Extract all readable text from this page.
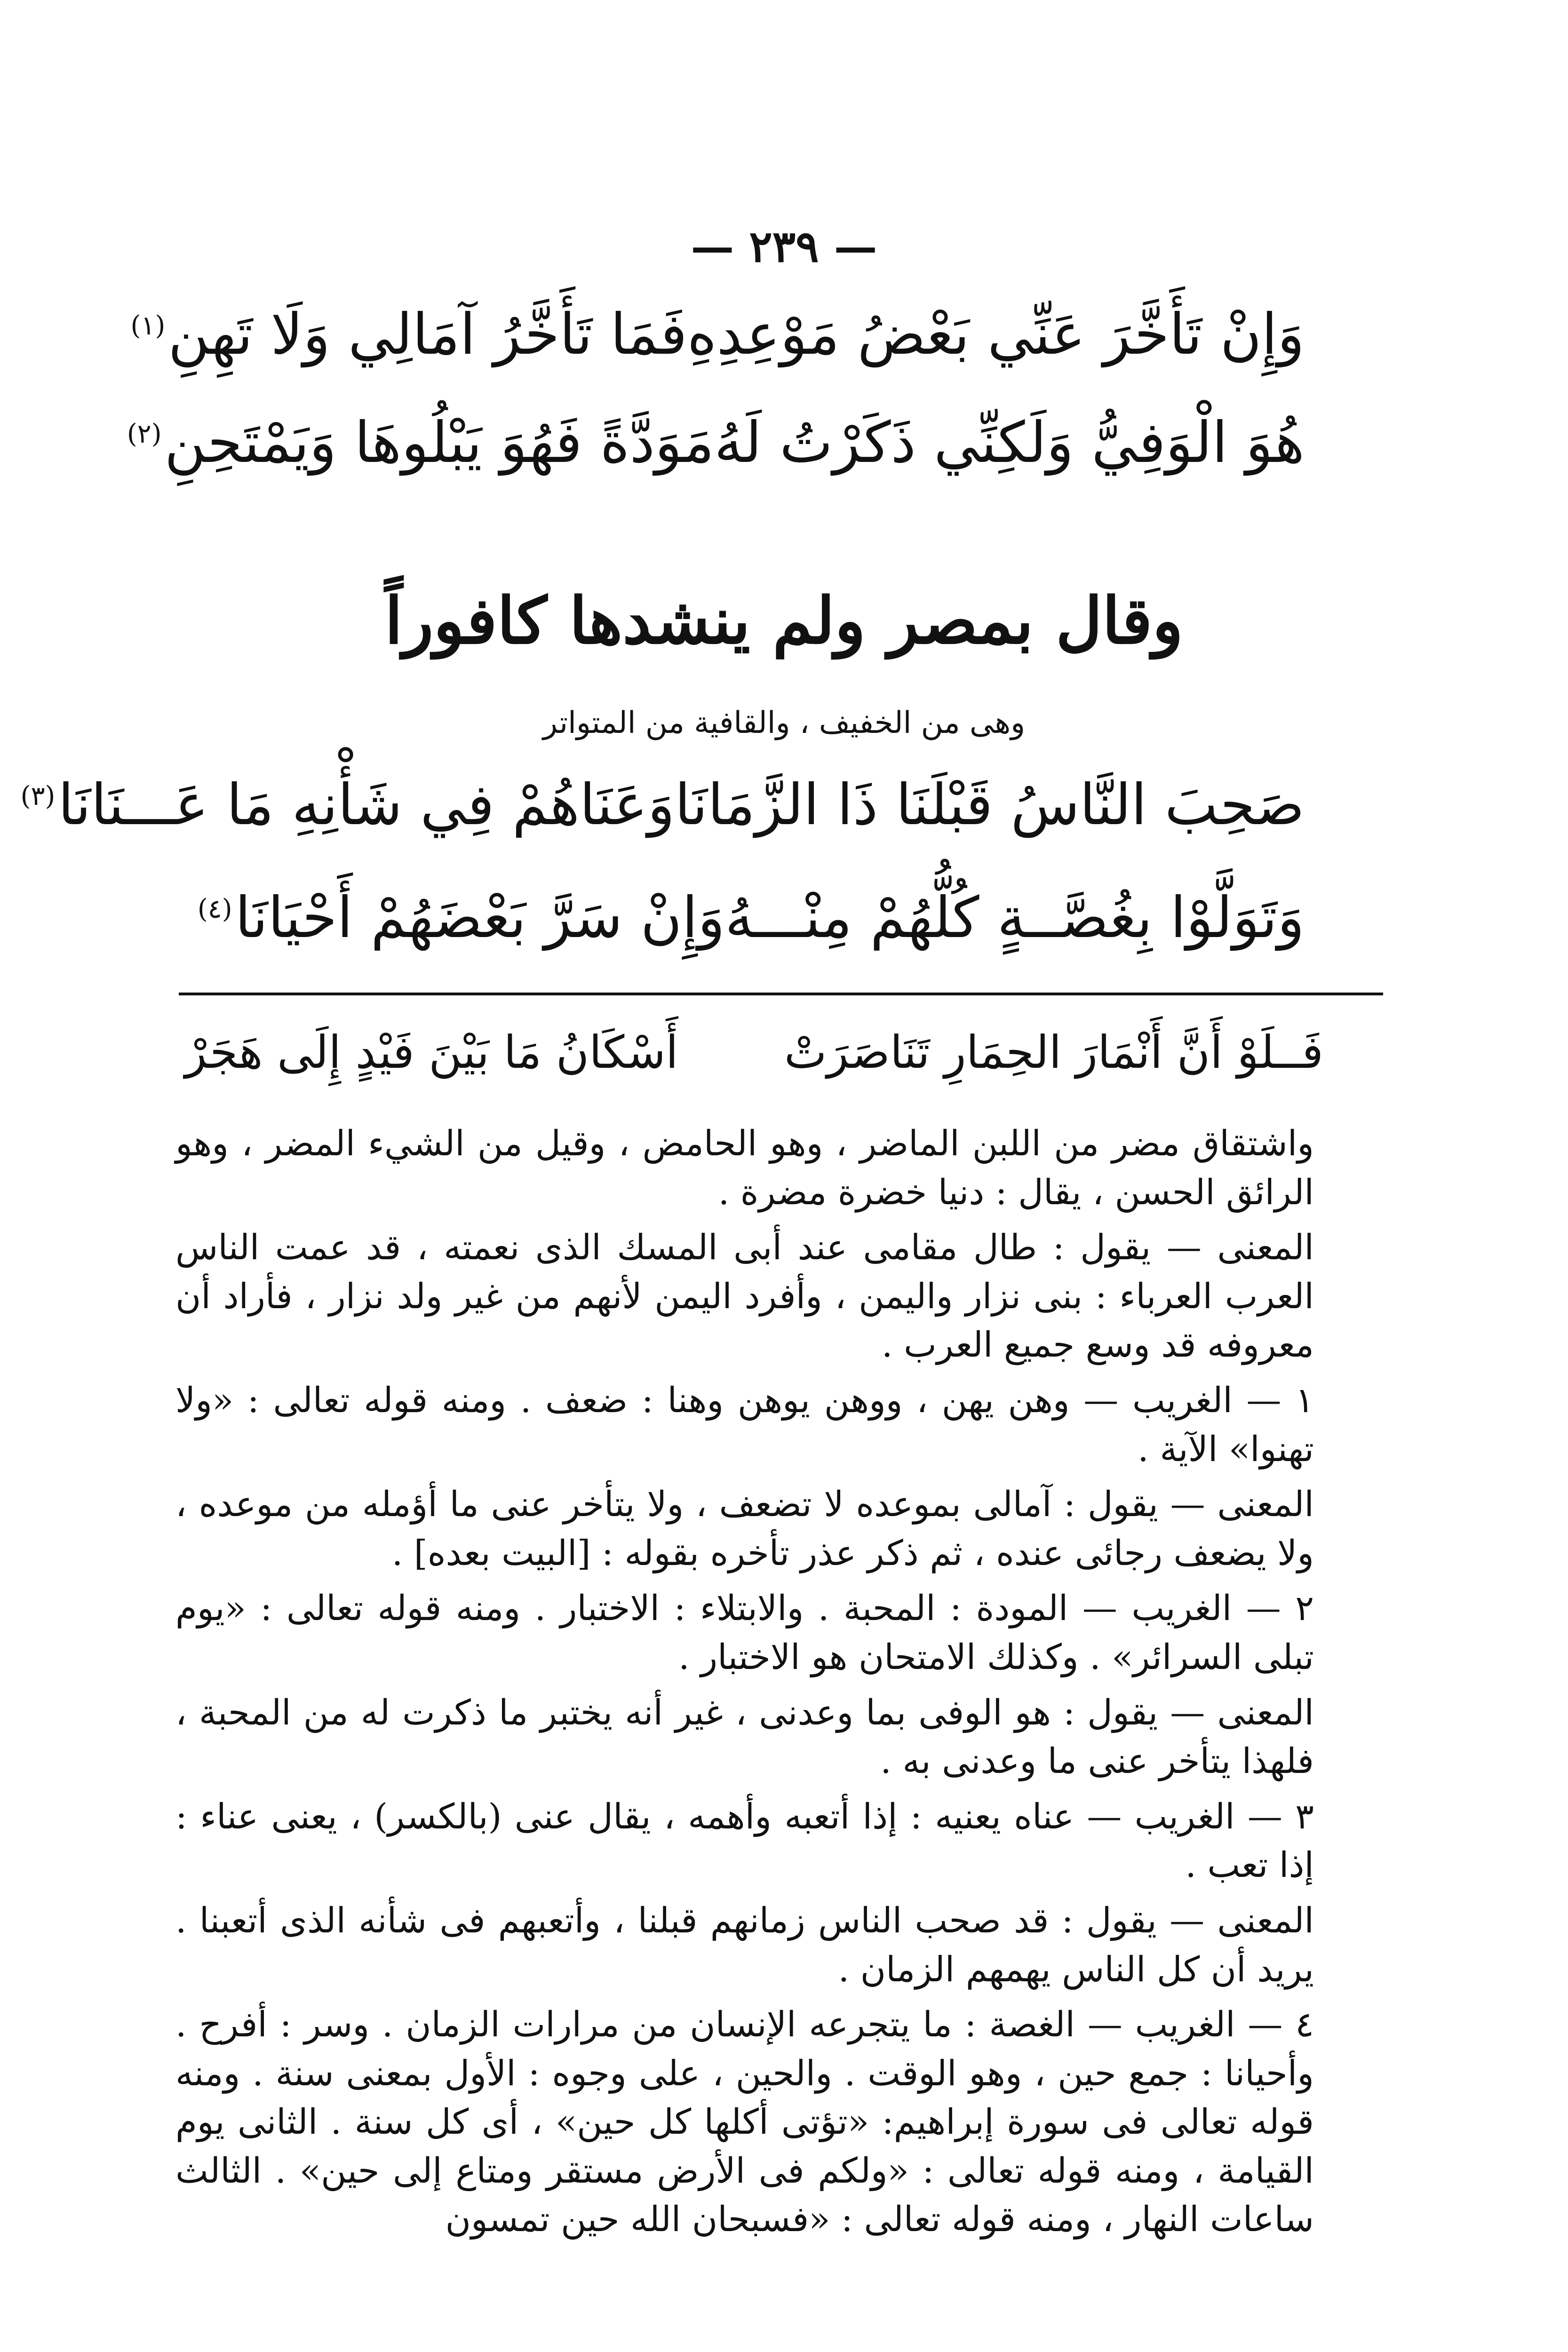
— ٢٣٩ —
وَإِنْ تَأَخَّرَ عَنِّي بَعْضُ مَوْعِدِهِ
فَمَا تَأَخَّرُ آمَالِي وَلَا تَهِنِ$^{(١)}$
هُوَ الْوَفِيُّ وَلَكِنِّي ذَكَرْتُ لَهُ
مَوَدَّةً فَهُوَ يَبْلُوهَا وَيَمْتَحِنِ$^{(٢)}$
وقال بمصر ولم ينشدها كافوراً
وهى من الخفيف ، والقافية من المتواتر
صَحِبَ النَّاسُ قَبْلَنَا ذَا الزَّمَانَا
وَعَنَاهُمْ فِي شَأْنِهِ مَا عَـــنَانَا$^{(٣)}$
وَتَوَلَّوْا بِغُصَّــةٍ كُلُّهُمْ مِنْـــهُ
وَإِنْ سَرَّ بَعْضَهُمْ أَحْيَانَا$^{(٤)}$
فَــلَوْ أَنَّ أَنْمَارَ الحِمَارِ تَنَاصَرَتْ
أَسْكَانُ مَا بَيْنَ فَيْدٍ إِلَى هَجَرْ

واشتقاق مضر من اللبن الماضر ، وهو الحامض ، وقيل من الشيء المضر ، وهو الرائق الحسن ، يقال : دنيا خضرة مضرة .

المعنى — يقول : طال مقامى عند أبى المسك الذى نعمته ، قد عمت الناس العرب العرباء : بنى نزار واليمن ، وأفرد اليمن لأنهم من غير ولد نزار ، فأراد أن معروفه قد وسع جميع العرب .

١ — الغريب — وهن يهن ، ووهن يوهن وهنا : ضعف . ومنه قوله تعالى : «ولا تهنوا» الآية .

المعنى — يقول : آمالى بموعده لا تضعف ، ولا يتأخر عنى ما أؤمله من موعده ، ولا يضعف رجائى عنده ، ثم ذكر عذر تأخره بقوله : [البيت بعده] .

٢ — الغريب — المودة : المحبة . والابتلاء : الاختبار . ومنه قوله تعالى : «يوم تبلى السرائر» . وكذلك الامتحان هو الاختبار .

المعنى — يقول : هو الوفى بما وعدنى ، غير أنه يختبر ما ذكرت له من المحبة ، فلهذا يتأخر عنى ما وعدنى به .

٣ — الغريب — عناه يعنيه : إذا أتعبه وأهمه ، يقال عنى (بالكسر) ، يعنى عناء : إذا تعب .

المعنى — يقول : قد صحب الناس زمانهم قبلنا ، وأتعبهم فى شأنه الذى أتعبنا . يريد أن كل الناس يهمهم الزمان .

٤ — الغريب — الغصة : ما يتجرعه الإنسان من مرارات الزمان . وسر : أفرح . وأحيانا : جمع حين ، وهو الوقت . والحين ، على وجوه : الأول بمعنى سنة . ومنه قوله تعالى فى سورة إبراهيم: «تؤتى أكلها كل حين» ، أى كل سنة . الثانى يوم القيامة ، ومنه قوله تعالى : «ولكم فى الأرض مستقر ومتاع إلى حين» . الثالث ساعات النهار ، ومنه قوله تعالى : «فسبحان الله حين تمسون
